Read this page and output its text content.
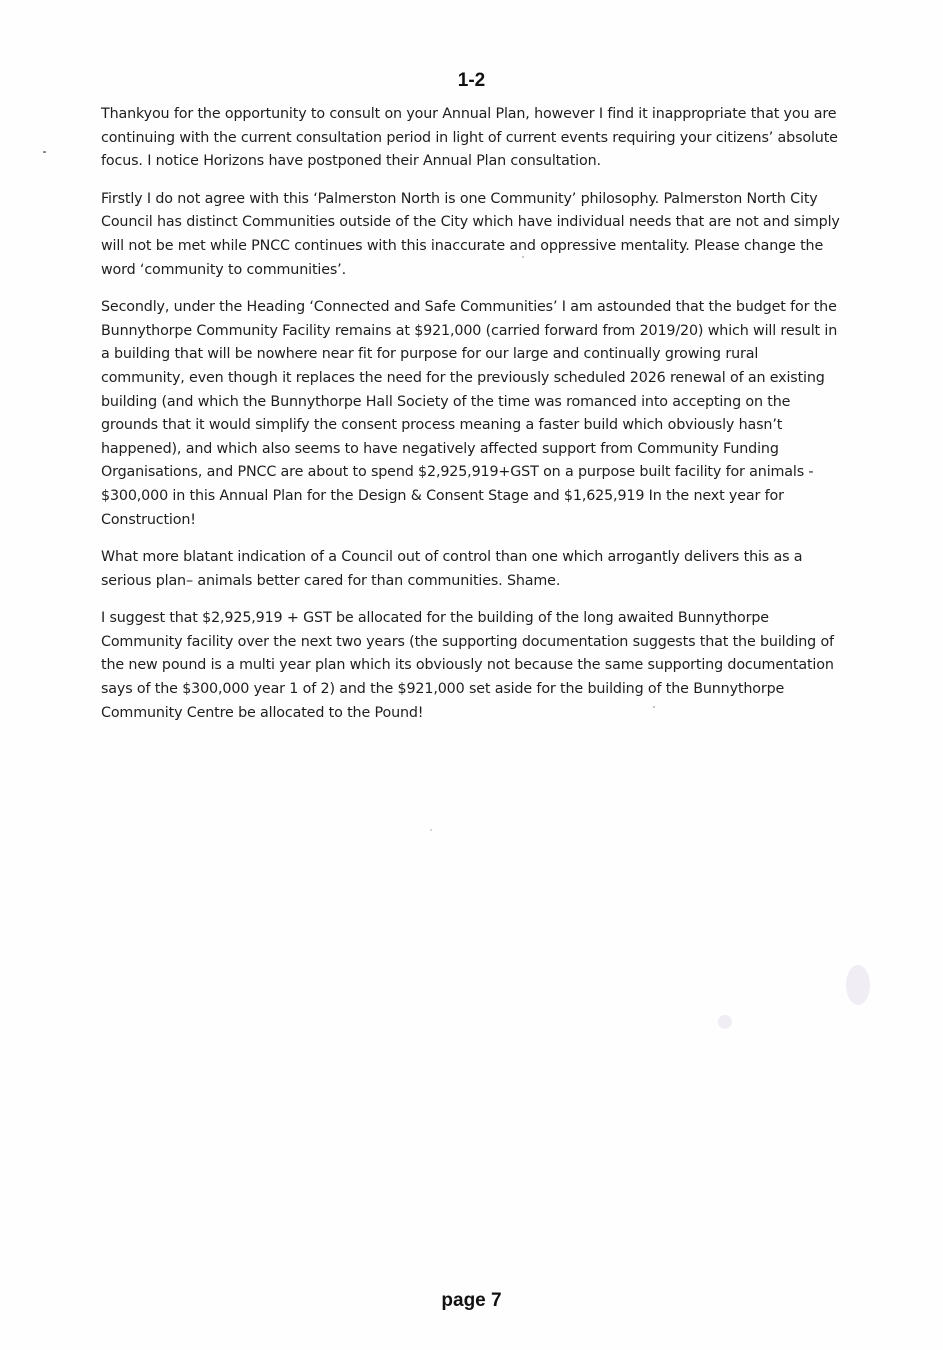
1-2

Thankyou for the opportunity to consult on your Annual Plan, however I find it inappropriate that you are continuing with the current consultation period in light of current events requiring your citizens’ absolute focus. I notice Horizons have postponed their Annual Plan consultation.

Firstly I do not agree with this ‘Palmerston North is one Community’ philosophy. Palmerston North City Council has distinct Communities outside of the City which have individual needs that are not and simply will not be met while PNCC continues with this inaccurate and oppressive mentality. Please change the word ‘community to communities’.

Secondly, under the Heading ‘Connected and Safe Communities’ I am astounded that the budget for the Bunnythorpe Community Facility remains at $921,000 (carried forward from 2019/20) which will result in a building that will be nowhere near fit for purpose for our large and continually growing rural community, even though it replaces the need for the previously scheduled 2026 renewal of an existing building (and which the Bunnythorpe Hall Society of the time was romanced into accepting on the grounds that it would simplify the consent process meaning a faster build which obviously hasn’t happened), and which also seems to have negatively affected support from Community Funding Organisations, and PNCC are about to spend $2,925,919+GST on a purpose built facility for animals - $300,000 in this Annual Plan for the Design & Consent Stage and $1,625,919 In the next year for Construction!

What more blatant indication of a Council out of control than one which arrogantly delivers this as a serious plan– animals better cared for than communities. Shame.

I suggest that $2,925,919 + GST be allocated for the building of the long awaited Bunnythorpe Community facility over the next two years (the supporting documentation suggests that the building of the new pound is a multi year plan which its obviously not because the same supporting documentation says of the $300,000 year 1 of 2) and the $921,000 set aside for the building of the Bunnythorpe Community Centre be allocated to the Pound!

page 7
